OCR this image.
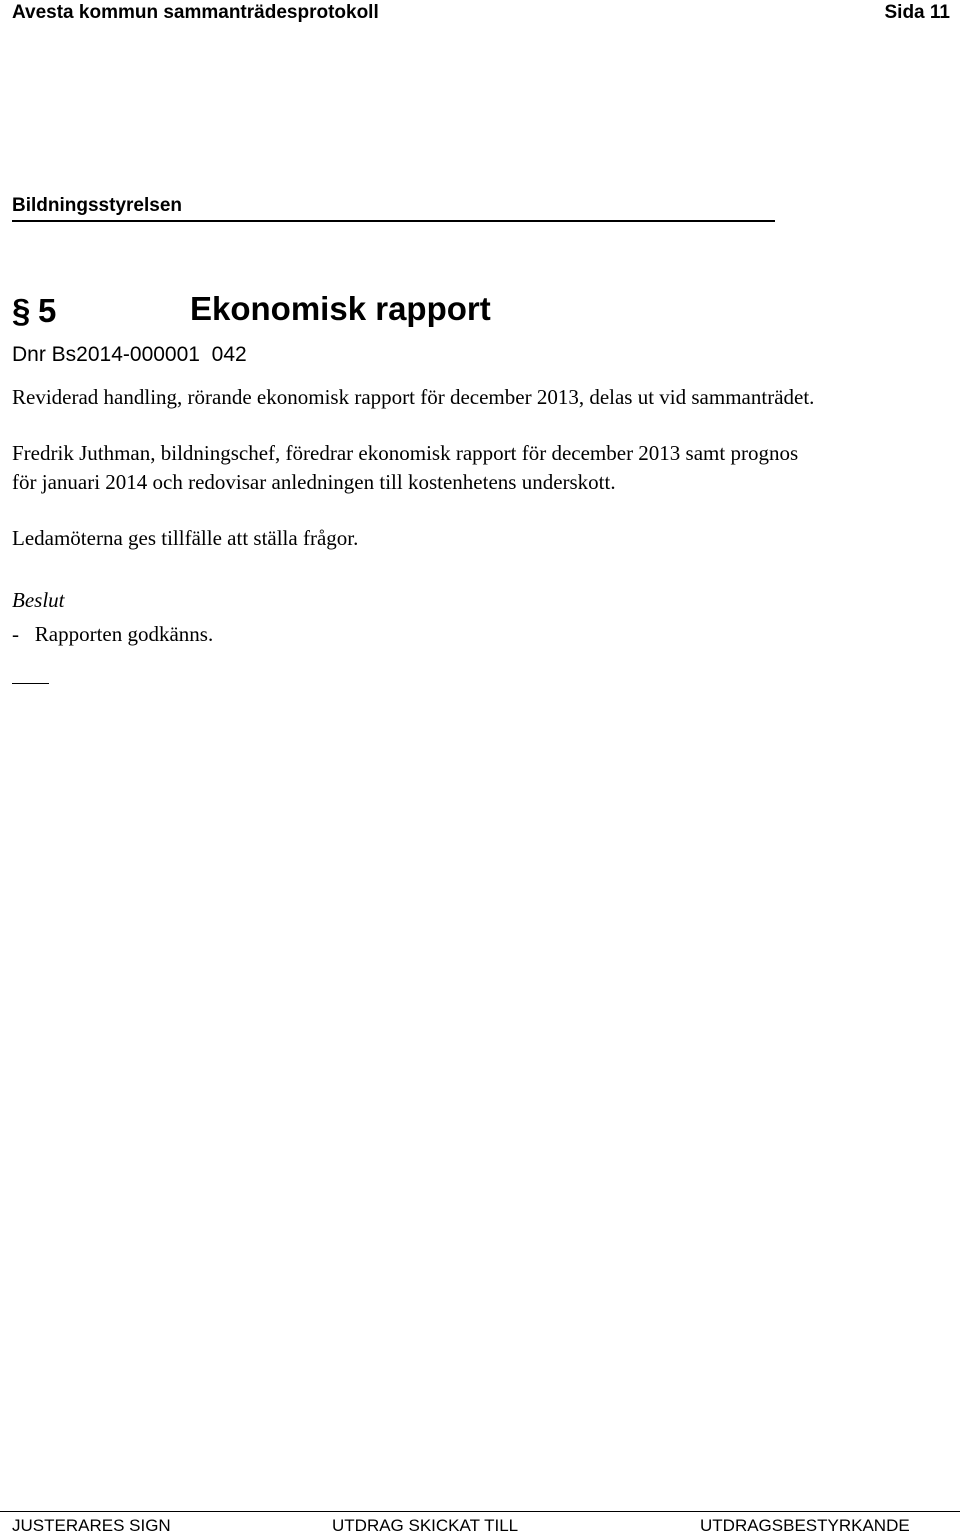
Avesta kommun sammanträdesprotokoll	Sida 11
Bildningsstyrelsen
§ 5	Ekonomisk rapport
Dnr Bs2014-000001  042
Reviderad handling, rörande ekonomisk rapport för december 2013, delas ut vid sammanträdet.
Fredrik Juthman, bildningschef, föredrar ekonomisk rapport för december 2013 samt prognos
för januari 2014 och redovisar anledningen till kostenhetens underskott.
Ledamöterna ges tillfälle att ställa frågor.
Beslut
-   Rapporten godkänns.
JUSTERARES SIGN	UTDRAG SKICKAT TILL	UTDRAGSBESTYRKANDE
